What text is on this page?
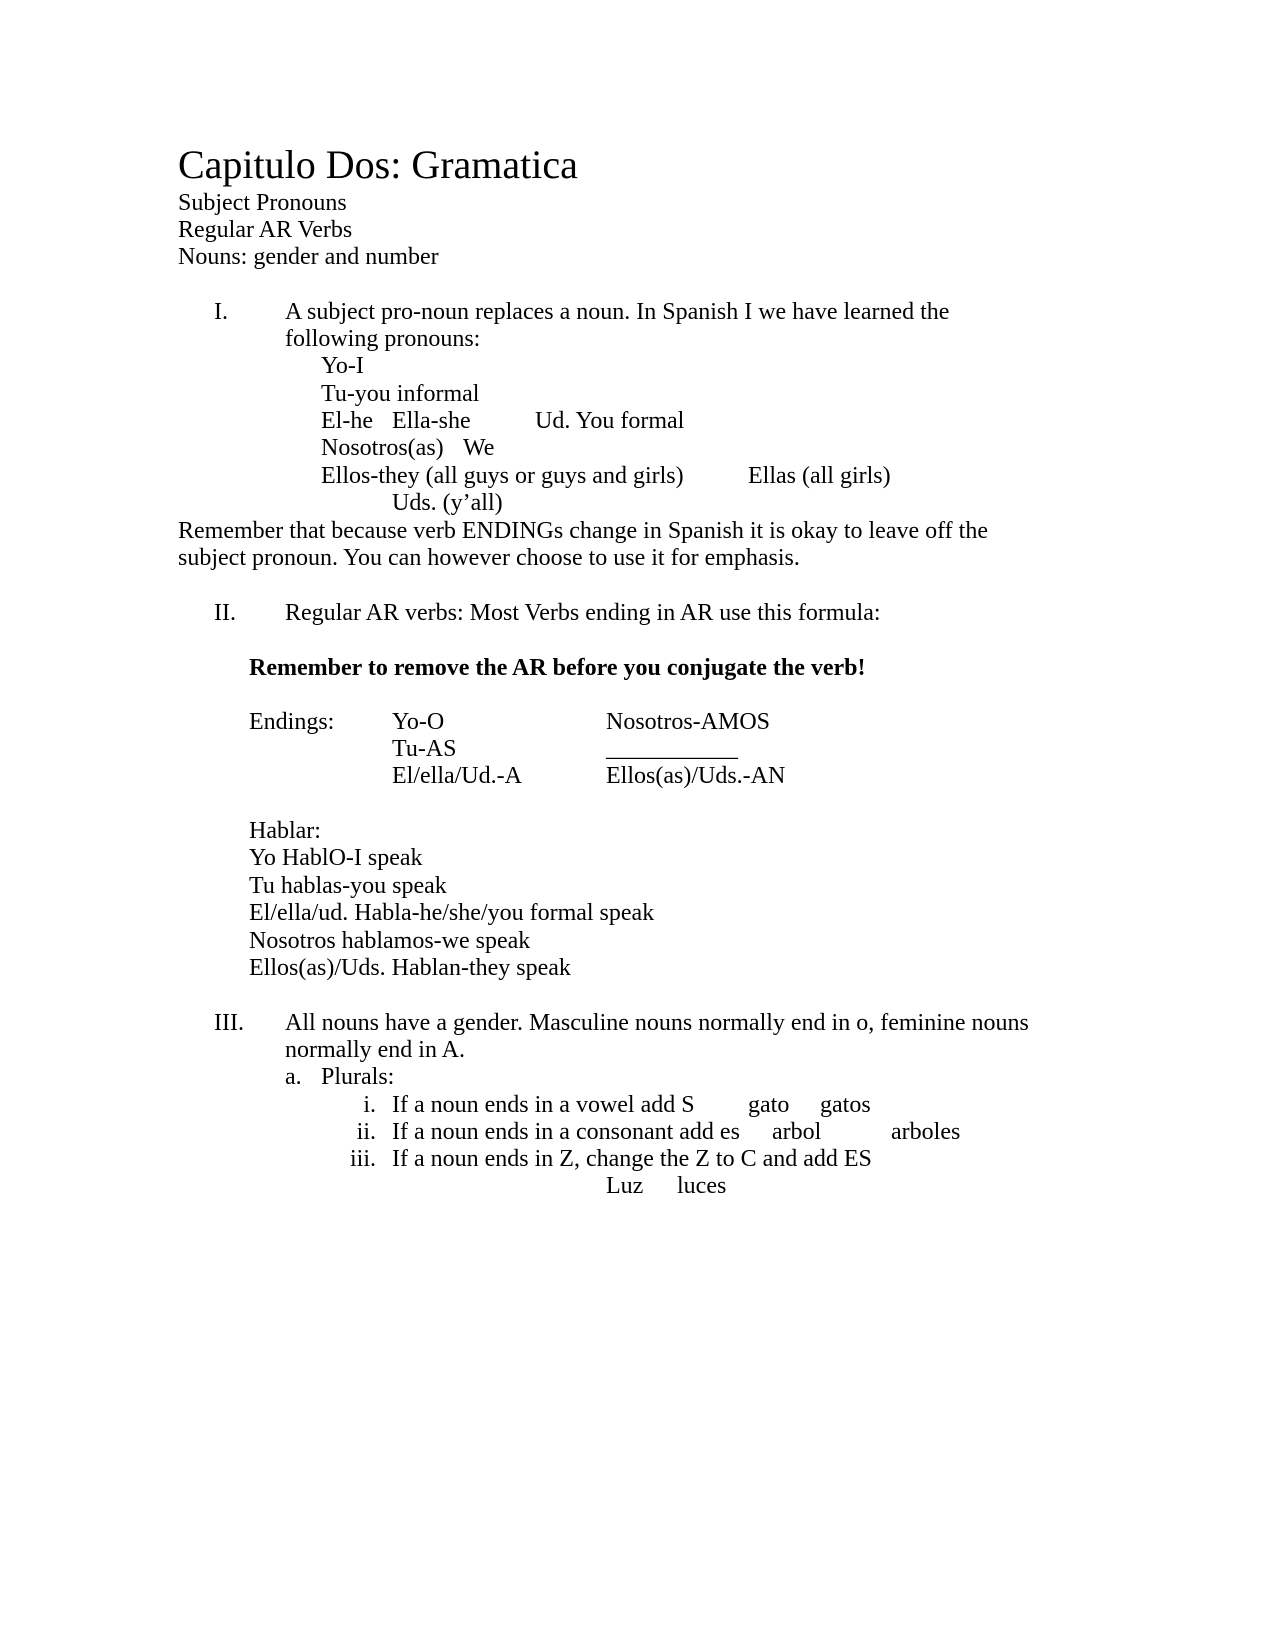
Capitulo Dos: Gramatica
Subject Pronouns
Regular AR Verbs
Nouns: gender and number
I. A subject pro-noun replaces a noun. In Spanish I we have learned the
following pronouns:
Yo-I
Tu-you informal
El-he Ella-she	Ud. You formal
Nosotros(as) We
Ellos-they (all guys or guys and girls)	Ellas (all girls)
Uds. (y’all)
Remember that because verb ENDINGs change in Spanish it is okay to leave off the
subject pronoun. You can however choose to use it for emphasis.
II. Regular AR verbs: Most Verbs ending in AR use this formula:
Remember to remove the AR before you conjugate the verb!
Endings: Yo-O	Nosotros-AMOS
Tu-AS	___________
El/ella/Ud.-A	Ellos(as)/Uds.-AN
Hablar:
Yo HablO-I speak
Tu hablas-you speak
El/ella/ud. Habla-he/she/you formal speak
Nosotros hablamos-we speak
Ellos(as)/Uds. Hablan-they speak
III. All nouns have a gender. Masculine nouns normally end in o, feminine nouns
normally end in A.
a. Plurals:
i. If a noun ends in a vowel add S gato gatos
ii. If a noun ends in a consonant add es arbol	arboles
iii. If a noun ends in Z, change the Z to C and add ES
Luz luces
